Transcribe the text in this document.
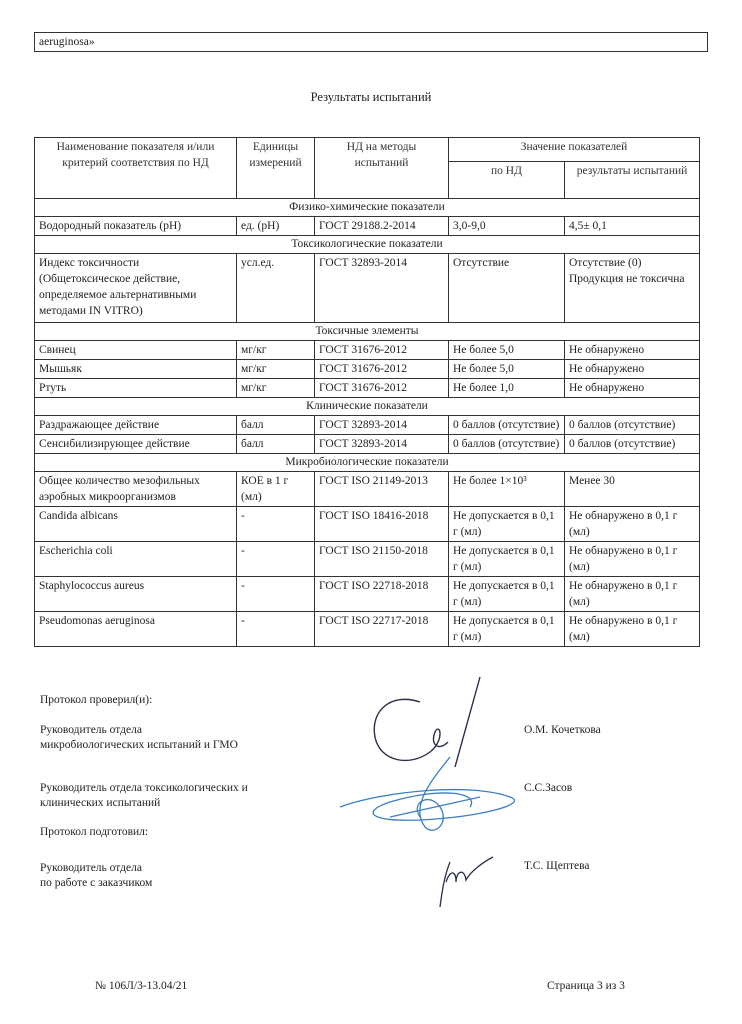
aeruginosa»
Результаты испытаний
Наименование показателя и/или критерий соответствия по НД	Единицы измерений	НД на методы испытаний	Значение показателей	
			по НД	результаты испытаний
Физико-химические показатели				
Водородный показатель (pH)	ед. (pH)	ГОСТ 29188.2-2014	3,0-9,0	4,5± 0,1
Токсикологические показатели				
Индекс токсичности (Общетоксическое действие, определяемое альтернативными методами IN VITRO)	усл.ед.	ГОСТ 32893-2014	Отсутствие	Отсутствие (0) Продукция не токсична
Токсичные элементы				
Свинец	мг/кг	ГОСТ 31676-2012	Не более 5,0	Не обнаружено
Мышьяк	мг/кг	ГОСТ 31676-2012	Не более 5,0	Не обнаружено
Ртуть	мг/кг	ГОСТ 31676-2012	Не более 1,0	Не обнаружено
Клинические показатели				
Раздражающее действие	балл	ГОСТ 32893-2014	0 баллов (отсутствие)	0 баллов (отсутствие)
Сенсибилизирующее действие	балл	ГОСТ 32893-2014	0 баллов (отсутствие)	0 баллов (отсутствие)
Микробиологические показатели				
Общее количество мезофильных аэробных микроорганизмов	КОЕ в 1 г (мл)	ГОСТ ISO 21149-2013	Не более 1×10³	Менее 30
Candida albicans	-	ГОСТ ISO 18416-2018	Не допускается в 0,1 г (мл)	Не обнаружено в 0,1 г (мл)
Escherichia coli	-	ГОСТ ISO 21150-2018	Не допускается в 0,1 г (мл)	Не обнаружено в 0,1 г (мл)
Staphylococcus aureus	-	ГОСТ ISO 22718-2018	Не допускается в 0,1 г (мл)	Не обнаружено в 0,1 г (мл)
Pseudomonas aeruginosa	-	ГОСТ ISO 22717-2018	Не допускается в 0,1 г (мл)	Не обнаружено в 0,1 г (мл)
Протокол проверил(и):
Руководитель отдела
микробиологических испытаний и ГМО
О.М. Кочеткова
Руководитель отдела токсикологических и
клинических испытаний
С.С.Засов
Протокол подготовил:
Руководитель отдела
по работе с заказчиком
Т.С. Щептева
№ 106Л/3-13.04/21	Страница 3 из 3
